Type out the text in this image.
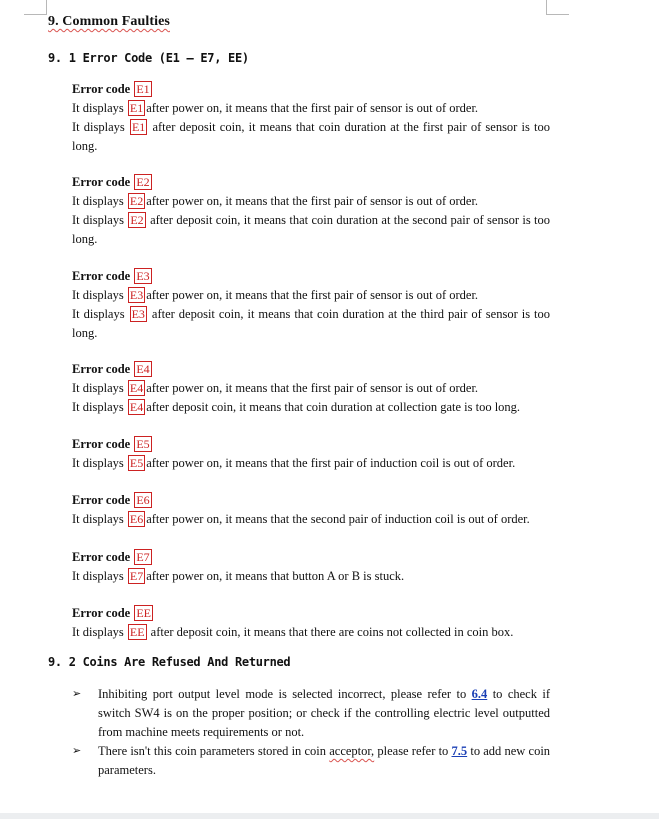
9. Common Faulties
9. 1 Error Code (E1 – E7, EE)
Error code E1
It displays E1 after power on, it means that the first pair of sensor is out of order.
It displays E1 after deposit coin, it means that coin duration at the first pair of sensor is too long.
Error code E2
It displays E2 after power on, it means that the first pair of sensor is out of order.
It displays E2 after deposit coin, it means that coin duration at the second pair of sensor is too long.
Error code E3
It displays E3 after power on, it means that the first pair of sensor is out of order.
It displays E3 after deposit coin, it means that coin duration at the third pair of sensor is too long.
Error code E4
It displays E4 after power on, it means that the first pair of sensor is out of order.
It displays E4 after deposit coin, it means that coin duration at collection gate is too long.
Error code E5
It displays E5 after power on, it means that the first pair of induction coil is out of order.
Error code E6
It displays E6 after power on, it means that the second pair of induction coil is out of order.
Error code E7
It displays E7 after power on, it means that button A or B is stuck.
Error code EE
It displays EE after deposit coin, it means that there are coins not collected in coin box.
9. 2 Coins Are Refused And Returned
➢ Inhibiting port output level mode is selected incorrect, please refer to 6.4 to check if switch SW4 is on the proper position; or check if the controlling electric level outputted from machine meets requirements or not.
➢ There isn't this coin parameters stored in coin acceptor, please refer to 7.5 to add new coin parameters.
